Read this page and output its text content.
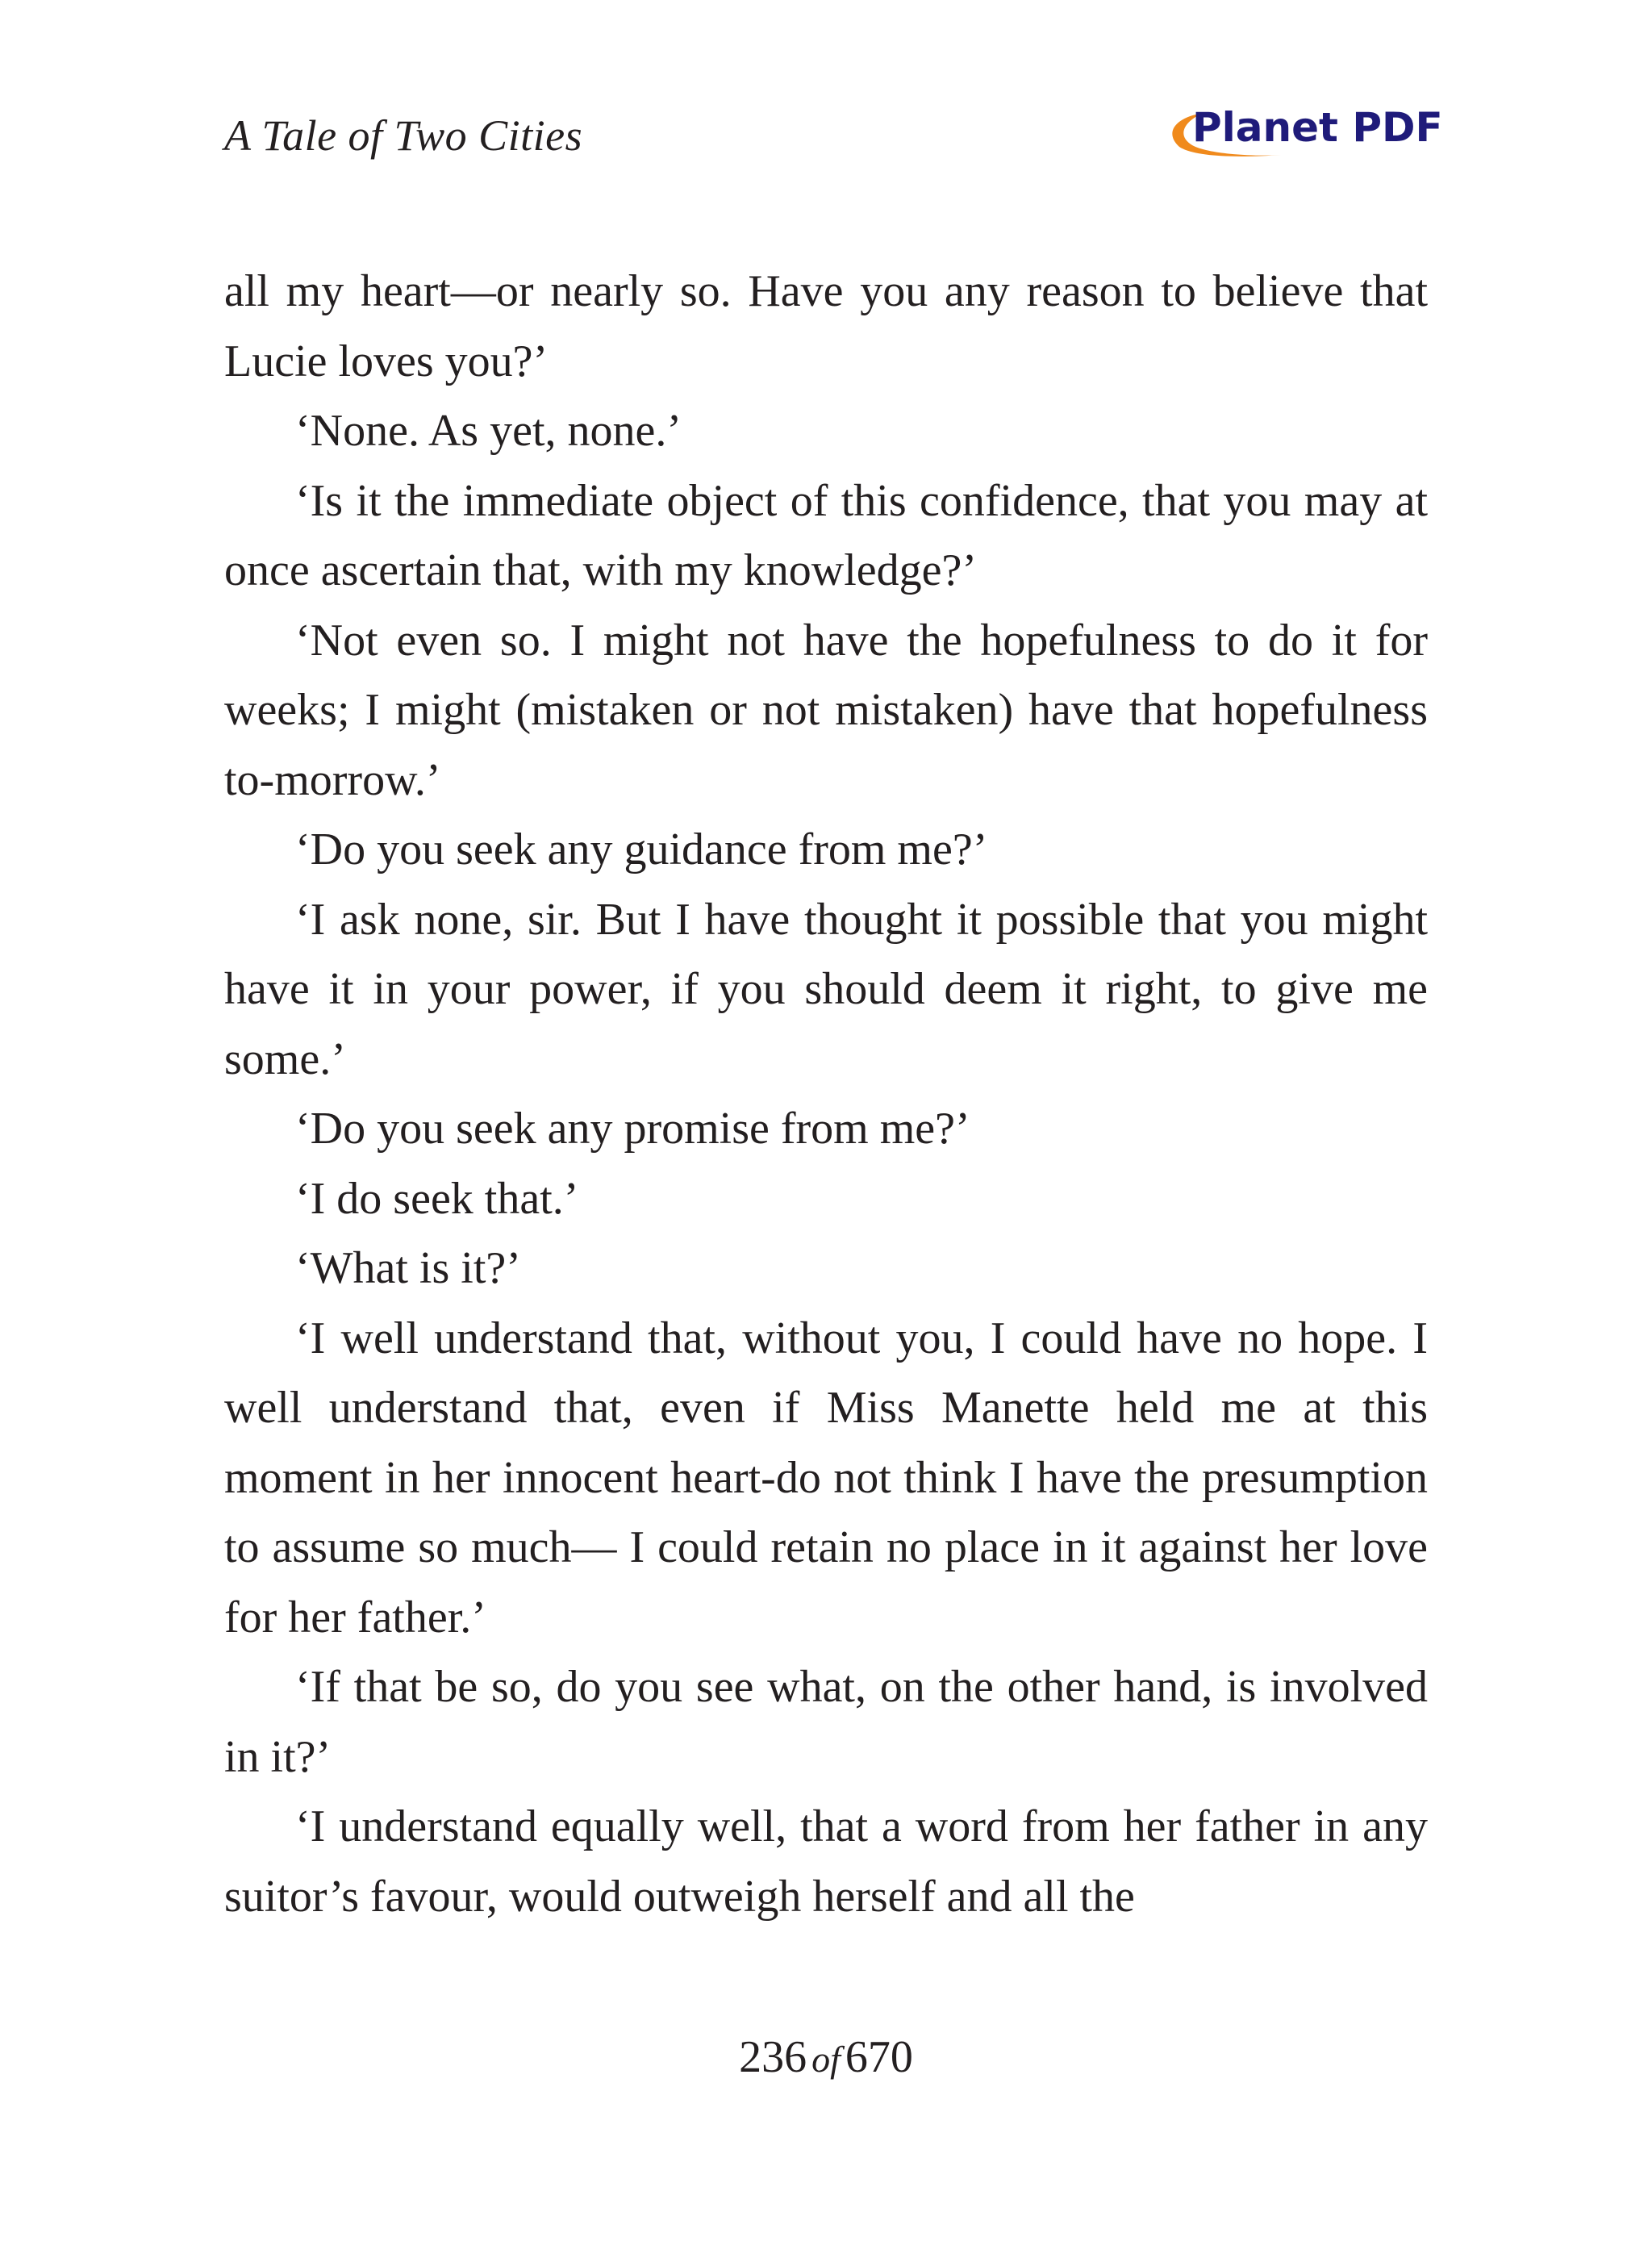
A Tale of Two Cities	Planet PDF

all my heart—or nearly so. Have you any reason to believe that Lucie loves you?’

‘None. As yet, none.’

‘Is it the immediate object of this confidence, that you may at once ascertain that, with my knowledge?’

‘Not even so. I might not have the hopefulness to do it for weeks; I might (mistaken or not mistaken) have that hopefulness to-morrow.’

‘Do you seek any guidance from me?’

‘I ask none, sir. But I have thought it possible that you might have it in your power, if you should deem it right, to give me some.’

‘Do you seek any promise from me?’

‘I do seek that.’

‘What is it?’

‘I well understand that, without you, I could have no hope. I well understand that, even if Miss Manette held me at this moment in her innocent heart-do not think I have the presumption to assume so much— I could retain no place in it against her love for her father.’

‘If that be so, do you see what, on the other hand, is involved in it?’

‘I understand equally well, that a word from her father in any suitor’s favour, would outweigh herself and all the

236 of 670
